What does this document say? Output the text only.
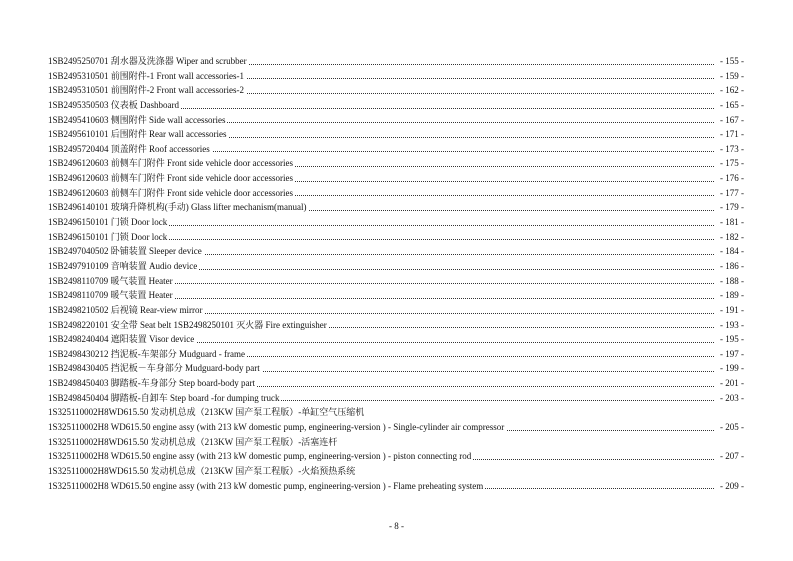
1SB2495250701 刮水器及洗涤器 Wiper and scrubber	- 155 -
1SB2495310501 前围附件-1 Front wall accessories-1	- 159 -
1SB2495310501 前围附件-2 Front wall accessories-2	- 162 -
1SB2495350503 仪表板 Dashboard	- 165 -
1SB2495410603 侧围附件 Side wall accessories	- 167 -
1SB2495610101 后围附件 Rear wall accessories	- 171 -
1SB2495720404 顶盖附件 Roof accessories	- 173 -
1SB2496120603 前侧车门附件 Front side vehicle door accessories	- 175 -
1SB2496120603 前侧车门附件 Front side vehicle door accessories	- 176 -
1SB2496120603 前侧车门附件 Front side vehicle door accessories	- 177 -
1SB2496140101 玻璃升降机构(手动) Glass lifter mechanism(manual)	- 179 -
1SB2496150101 门锁 Door lock	- 181 -
1SB2496150101 门锁 Door lock	- 182 -
1SB2497040502 卧铺装置 Sleeper device	- 184 -
1SB2497910109 音响装置 Audio device	- 186 -
1SB2498110709 暖气装置 Heater	- 188 -
1SB2498110709 暖气装置 Heater	- 189 -
1SB2498210502 后视镜 Rear-view mirror	- 191 -
1SB2498220101 安全带 Seat belt 1SB2498250101 灭火器 Fire extinguisher	- 193 -
1SB2498240404 遮阳装置 Visor device	- 195 -
1SB2498430212 挡泥板-车架部分 Mudguard - frame	- 197 -
1SB2498430405 挡泥板－车身部分 Mudguard-body part	- 199 -
1SB2498450403 脚踏板-车身部分 Step board-body part	- 201 -
1SB2498450404 脚踏板-自卸车 Step board -for dumping truck	- 203 -
1S325110002H8WD615.50 发动机总成（213KW 国产泵工程版）-单缸空气压缩机
1S325110002H8 WD615.50 engine assy (with 213 kW domestic pump, engineering-version ) - Single-cylinder air compressor	- 205 -
1S325110002H8WD615.50 发动机总成（213KW 国产泵工程版）-活塞连杆
1S325110002H8 WD615.50 engine assy (with 213 kW domestic pump, engineering-version ) - piston connecting rod	- 207 -
1S325110002H8WD615.50 发动机总成（213KW 国产泵工程版）-火焰预热系统
1S325110002H8 WD615.50 engine assy (with 213 kW domestic pump, engineering-version ) - Flame preheating system	- 209 -
- 8 -
